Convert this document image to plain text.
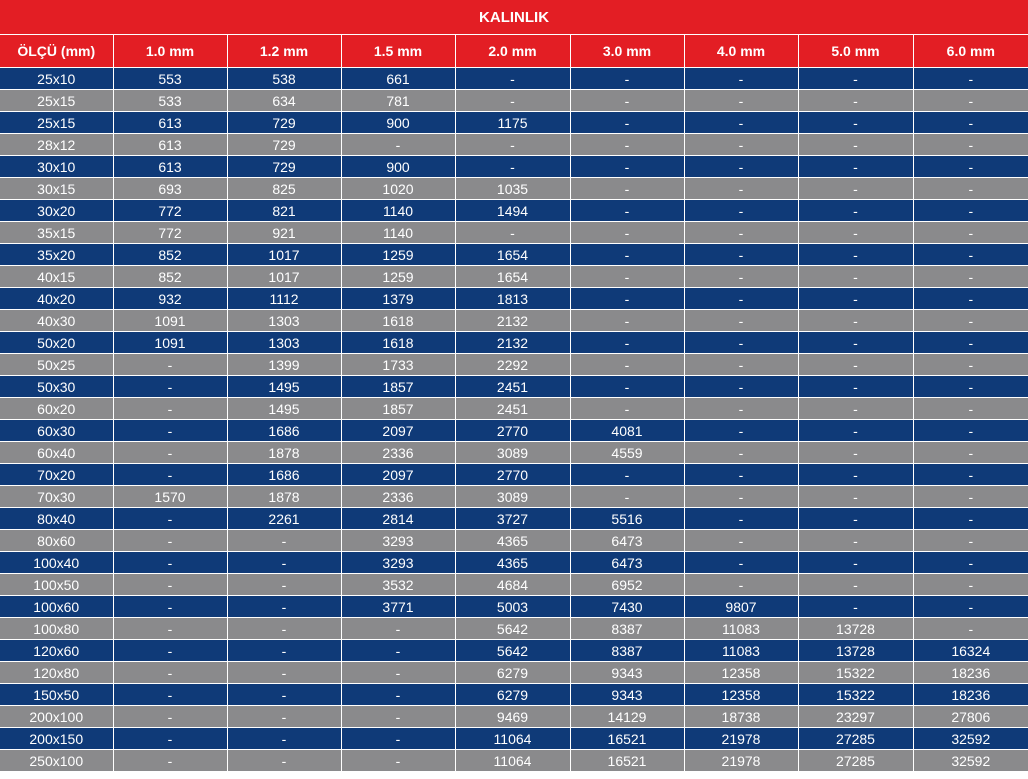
KALINLIK								
ÖLÇÜ (mm)	1.0 mm	1.2 mm	1.5 mm	2.0 mm	3.0 mm	4.0 mm	5.0 mm	6.0 mm
25x10	553	538	661	-	-	-	-	-
25x15	533	634	781	-	-	-	-	-
25x15	613	729	900	1175	-	-	-	-
28x12	613	729	-	-	-	-	-	-
30x10	613	729	900	-	-	-	-	-
30x15	693	825	1020	1035	-	-	-	-
30x20	772	821	1140	1494	-	-	-	-
35x15	772	921	1140	-	-	-	-	-
35x20	852	1017	1259	1654	-	-	-	-
40x15	852	1017	1259	1654	-	-	-	-
40x20	932	1112	1379	1813	-	-	-	-
40x30	1091	1303	1618	2132	-	-	-	-
50x20	1091	1303	1618	2132	-	-	-	-
50x25	-	1399	1733	2292	-	-	-	-
50x30	-	1495	1857	2451	-	-	-	-
60x20	-	1495	1857	2451	-	-	-	-
60x30	-	1686	2097	2770	4081	-	-	-
60x40	-	1878	2336	3089	4559	-	-	-
70x20	-	1686	2097	2770	-	-	-	-
70x30	1570	1878	2336	3089	-	-	-	-
80x40	-	2261	2814	3727	5516	-	-	-
80x60	-	-	3293	4365	6473	-	-	-
100x40	-	-	3293	4365	6473	-	-	-
100x50	-	-	3532	4684	6952	-	-	-
100x60	-	-	3771	5003	7430	9807	-	-
100x80	-	-	-	5642	8387	11083	13728	-
120x60	-	-	-	5642	8387	11083	13728	16324
120x80	-	-	-	6279	9343	12358	15322	18236
150x50	-	-	-	6279	9343	12358	15322	18236
200x100	-	-	-	9469	14129	18738	23297	27806
200x150	-	-	-	11064	16521	21978	27285	32592
250x100	-	-	-	11064	16521	21978	27285	32592
